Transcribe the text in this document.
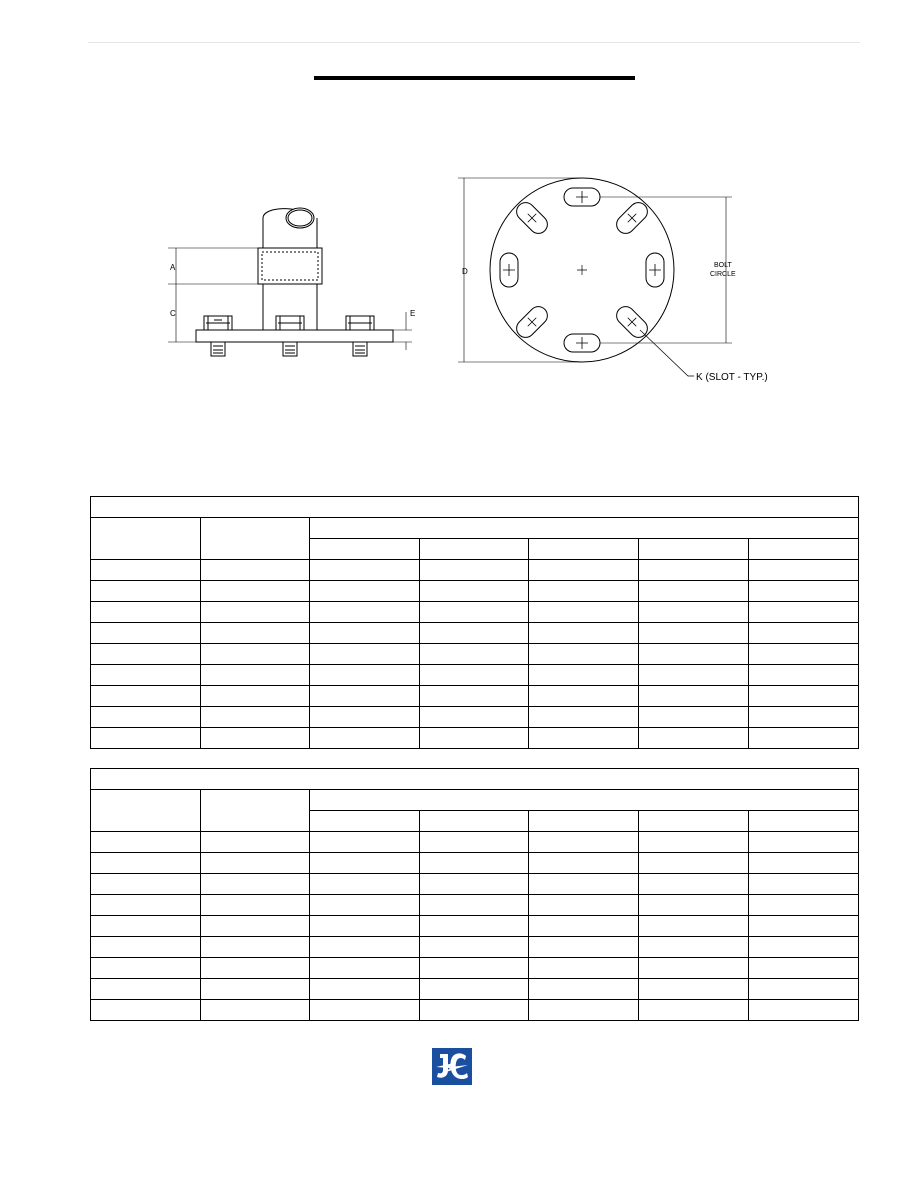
A
C	E
D
BOLT
CIRCLE
K (SLOT - TYP.)
